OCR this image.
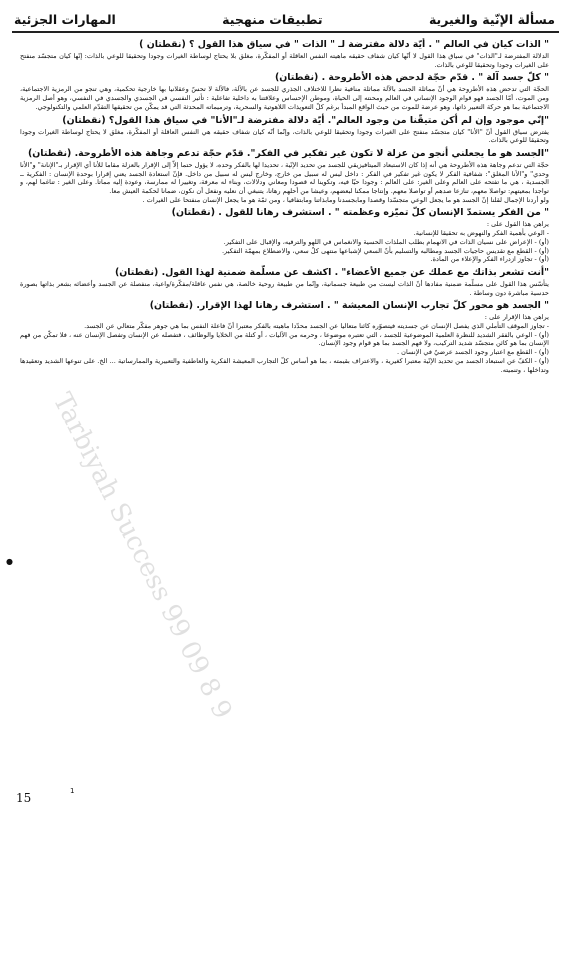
مسألة الإنّية والغيرية
تطبيقات منهجية
المهارات الجزئية
" الذات كيان في العالم " . أيّة دلالة مفترضة لـ " الذات " في سياق هذا القول ؟ (نقطتان )

الدلالة المفترضة لـ"الذات" في سياق هذا القول لا أنّها كيان شفاف حقيقه ماهيته النفس العاقلة أو المفكّرة، مغلق بلا يحتاج لوساطة الغيرات وجودا وتحقيقا للوعي بالذات: إنّها كيان متجسّد منفتح على الغيرات وجودا وتحقيقا للوعي بالذات.

" كلّ جسد آلة " . قدّم حجّة لدحض هذه الأطروحة . (نقطتان)

الحجّة التي تدحض هذه الأطروحة هي أنّ مماثلة الجسد بالآلة مماثلة منافية نظرا للاختلاف الجذري للجسد عن بالآلة، فالآلة لا تحسّ وعقلانيا بها خارجية تحكمية، وهي تنجو من الرمزية الاجتماعية، ومن الموت، أمّا الجسد فهو قوام الوجود الإنساني في العالم ومحنته إلى الحياة، وموطن الإحساس وعلاقتنا به داخلية تفاعلية : تأثير النفسي في الجسدي والجسدي في النفسي، وهو أصل الرمزية الاجتماعية بما هو حركة التعبير ذاتها، وهو عرضة للموت من حيث الواقع المبدأ برغم كلّ التعويذات اللاهوتية والسحرية، وترميماته المحدثة التي قد يمكّن من تحقيقها التقدّم العلمي والتكنولوجي.

"إنّي موجود وإن لم أكن متيقّنا من وجود العالم". أيّة دلالة مفترضة لـ"الأنا" في سياق هذا القول؟ (نقطتان)

يفترض سياق القول أنّ "الأنا" كيان متجسّد منفتح على الغيرات وجودا وتحقيقا للوعي بالذات، وإنّما أنّه كيان شفاف حقيقه هي النفس العاقلة أو المفكّرة، مغلق لا يحتاج لوساطة الغيرات وجودا وتحقيقا للوعي بالذات.

"الجسد هو ما يجعلني أنجو من عزلة لا تكون غير تفكير في الفكر". قدّم حجّة تدعم وجاهة هذه الأطروحة. (نقطتان)

حجّة التي تدعم وجاهة هذه الأطروحة هي أنه إذا كان الاستبعاد الميتافيزيقي للجسد من تحديد الإنّية ، تحديدا لها بالفكر وحده، لا يؤول حتما إلاّ إلى الإقرار بالعزلة مقاما للأنا أي الإقرار بـ"الإنانة" و"الأنا وحدي" و"الأنا المغلق": شفافية الفكر لا يكون غير تفكير في الفكر : داخل ليس له سبيل من خارج، وخارج ليس له سبيل من داخل. فإنّ استعادة الجسد يعني إقرارا بوحدة الإنسان : الفكرية ــ الجسدية ، هي ما تفتحه على العالم وعلى الغير: على العالم : وجودا حيّا فيه، وتكوينا له قصودا ومعاني ودلالات، وبناء له معرفة، وتغييرا له ممارسة، وعودة إليه مماتا. وعلى الغير : تناغما لهم، و تواجدا بمعيتهم: تواصلا معهم، تنازعا صدهم أو تواصلا معهم. وإنتاجا ممكنا لبعضهم، وعيشا من أحلهم رهانا، يتنبغي أن نعليه ونفعل أن نكون، ضمانا لحكمة العيش معا.

ولو أردنا الإجمال لقلنا إنّ الجسد هو ما يجعل الوعي متجسّدا وقصدا ومابجسدنا ومابذاتنا ومابتفافيا ، ومن ثمّة هو ما يجعل الإنسان منفتحا على الغيرات .

" من الفكر يستمدّ الإنسان كلّ تميّزه وعظمته " . استشرف رهانا للقول . (نقطتان)

يراهن هذا القول على :

- الوعي بأهمية الفكر والنهوض به تحقيقا للإنسانية.
(أو) - الإعراض على نسيان الذات في الانهمام بطلب الملذات الحسية والانغماس في اللهو والترفيه، والإقبال على التفكير.
(أو) - القطع مع تقديس حاجيات الجسد ومطالبه والتسليم بأنّ السعي لإشباعها منتهى كلّ سعي، والاضطلاع بمهمّة التفكير.
(أو) - تجاوز ازدراء الفكر والإعلاء من المادة.
"أنت تشعر بذاتك مع عملك عن جميع الأعضاء" . اكشف عن مسلّمة ضمنية لهذا القول. (نقطتان)

يتأسّس هذا القول على مسلّمة ضمنية مفادها أنّ الذات ليست من طبيعة جسمانية، وإنّما من طبيعة روحية خالصة، هي نفس عاقلة/مفكّرة/واعية، منفصلة عن الجسد وأعضائه بشعر بذاتها بصورة حدسية مباشرة دون وساطة .

" الجسد هو محور كلّ تجارب الإنسان المعيشة " . استشرف رهانا لهذا الإقرار. (نقطتان)

يراهن هذا الإقرار على :

- تجاوز الموقف التأملي الذي يفصل الإنسان عن جسديته فيتصوّره كائنا متعاليا عن الجسد محدّدا ماهيته بالفكر معتبرا أنّ فاعلة النفس بما هي جوهر مفكّر متعالي عن الجسد.
(أو) - الوعي بالفقر الشديد للنظرة العلمية الموضوعية للجسد ، التي تعتبره موضوعا ، وحرمه من الآليات ، أو كتلة من الخلايا والوظائف ، فتفصله عن الإنسان وتفصل الإنسان عنه ، فلا تمكّن من فهم الإنسان بما هو كائن متجسّد شديد التركيب، ولا فهم الجسد بما هو قوام وجود الإنسان.
(أو) - القطع مع اعتبار وجود الجسد عرضيّ في الإنسان .
(أو) - الكفّ عن استبعاد الجسد من تحديد الإنّية معتبرا كغيرية ، والاعتراف بقيمته ، بما هو أساس كلّ التجارب المعيشة الفكرية والعاطفية والتعبيرية والممارساتية ... الخ. على تنوعها الشديد وتعقيدها وتداخلها ، وتنميته.
Tarbiyah Success 99 09 8 9
●
1
15
